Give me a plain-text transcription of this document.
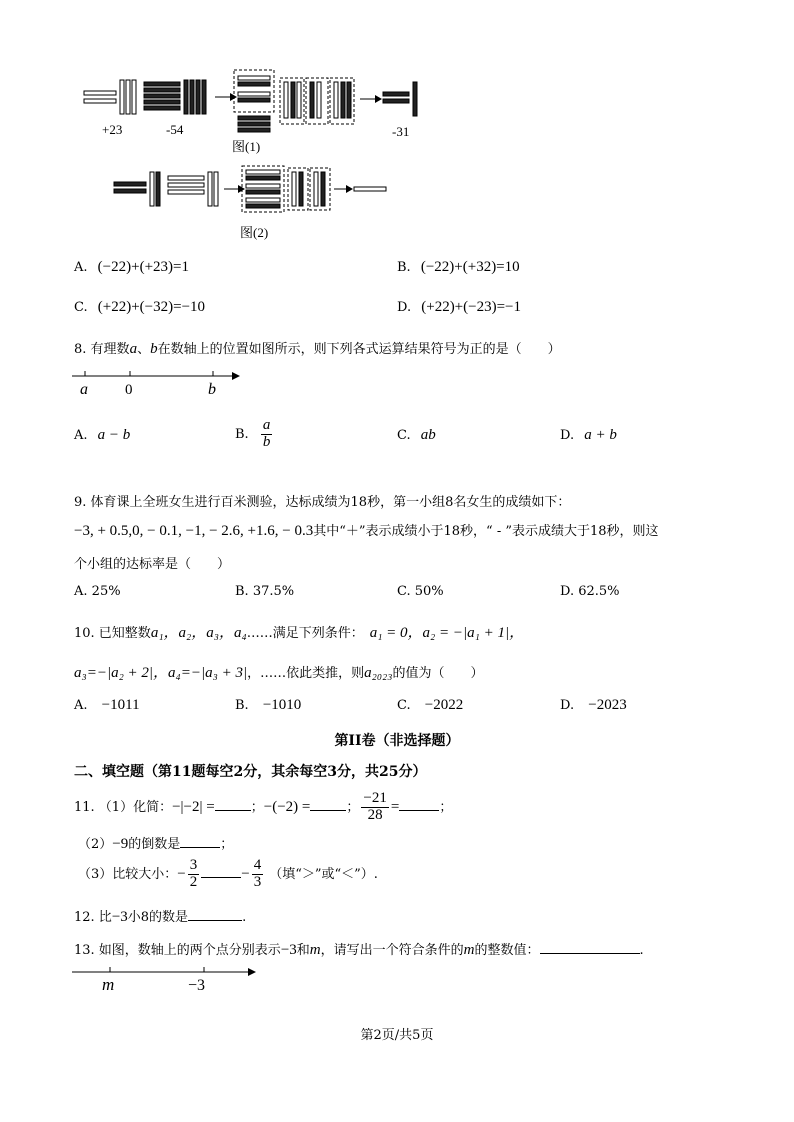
+23	-54	-31
图(1)
图(2)
A. (−22)+(+23)=1	B. (−22)+(+32)=10
C. (+22)+(−32)=−10	D. (+22)+(−23)=−1
8. 有理数a、b在数轴上的位置如图所示，则下列各式运算结果符号为正的是（　　）
a 0	b
A. a − b	B. $\frac{a}{b}$	C. ab	D. a + b
9. 体育课上全班女生进行百米测验，达标成绩为18秒，第一小组8名女生的成绩如下：
−3, + 0.5,0, − 0.1, −1, − 2.6, +1.6, − 0.3其中“＋”表示成绩小于18秒，“ - ”表示成绩大于18秒，则这
个小组的达标率是（　　）
A. 25%	B. 37.5%	C. 50%	D. 62.5%
10. 已知整数a₁，a₂，a₃，a₄……满足下列条件： a₁ = 0，a₂ = −|a₁ + 1|，
a₃=−|a₂ + 2|，a₄=−|a₃ + 3|，……依此类推，则a₂₀₂₃的值为（　　）
A. −1011	B. −1010	C. −2022	D. −2023
第II卷（非选择题）
二、填空题（第11题每空2分，其余每空3分，共25分）
11. （1）化简：−|−2| =	；−(−2) =	； $\frac{-21}{28}$ =	；
（2）−9的倒数是	；
（3）比较大小：− $\frac{3}{2}$	− $\frac{4}{3}$ （填“＞”或“＜”）.
12. 比−3小8的数是	.
13. 如图，数轴上的两个点分别表示−3和m，请写出一个符合条件的m的整数值：	.
m	−3
第2页/共5页
